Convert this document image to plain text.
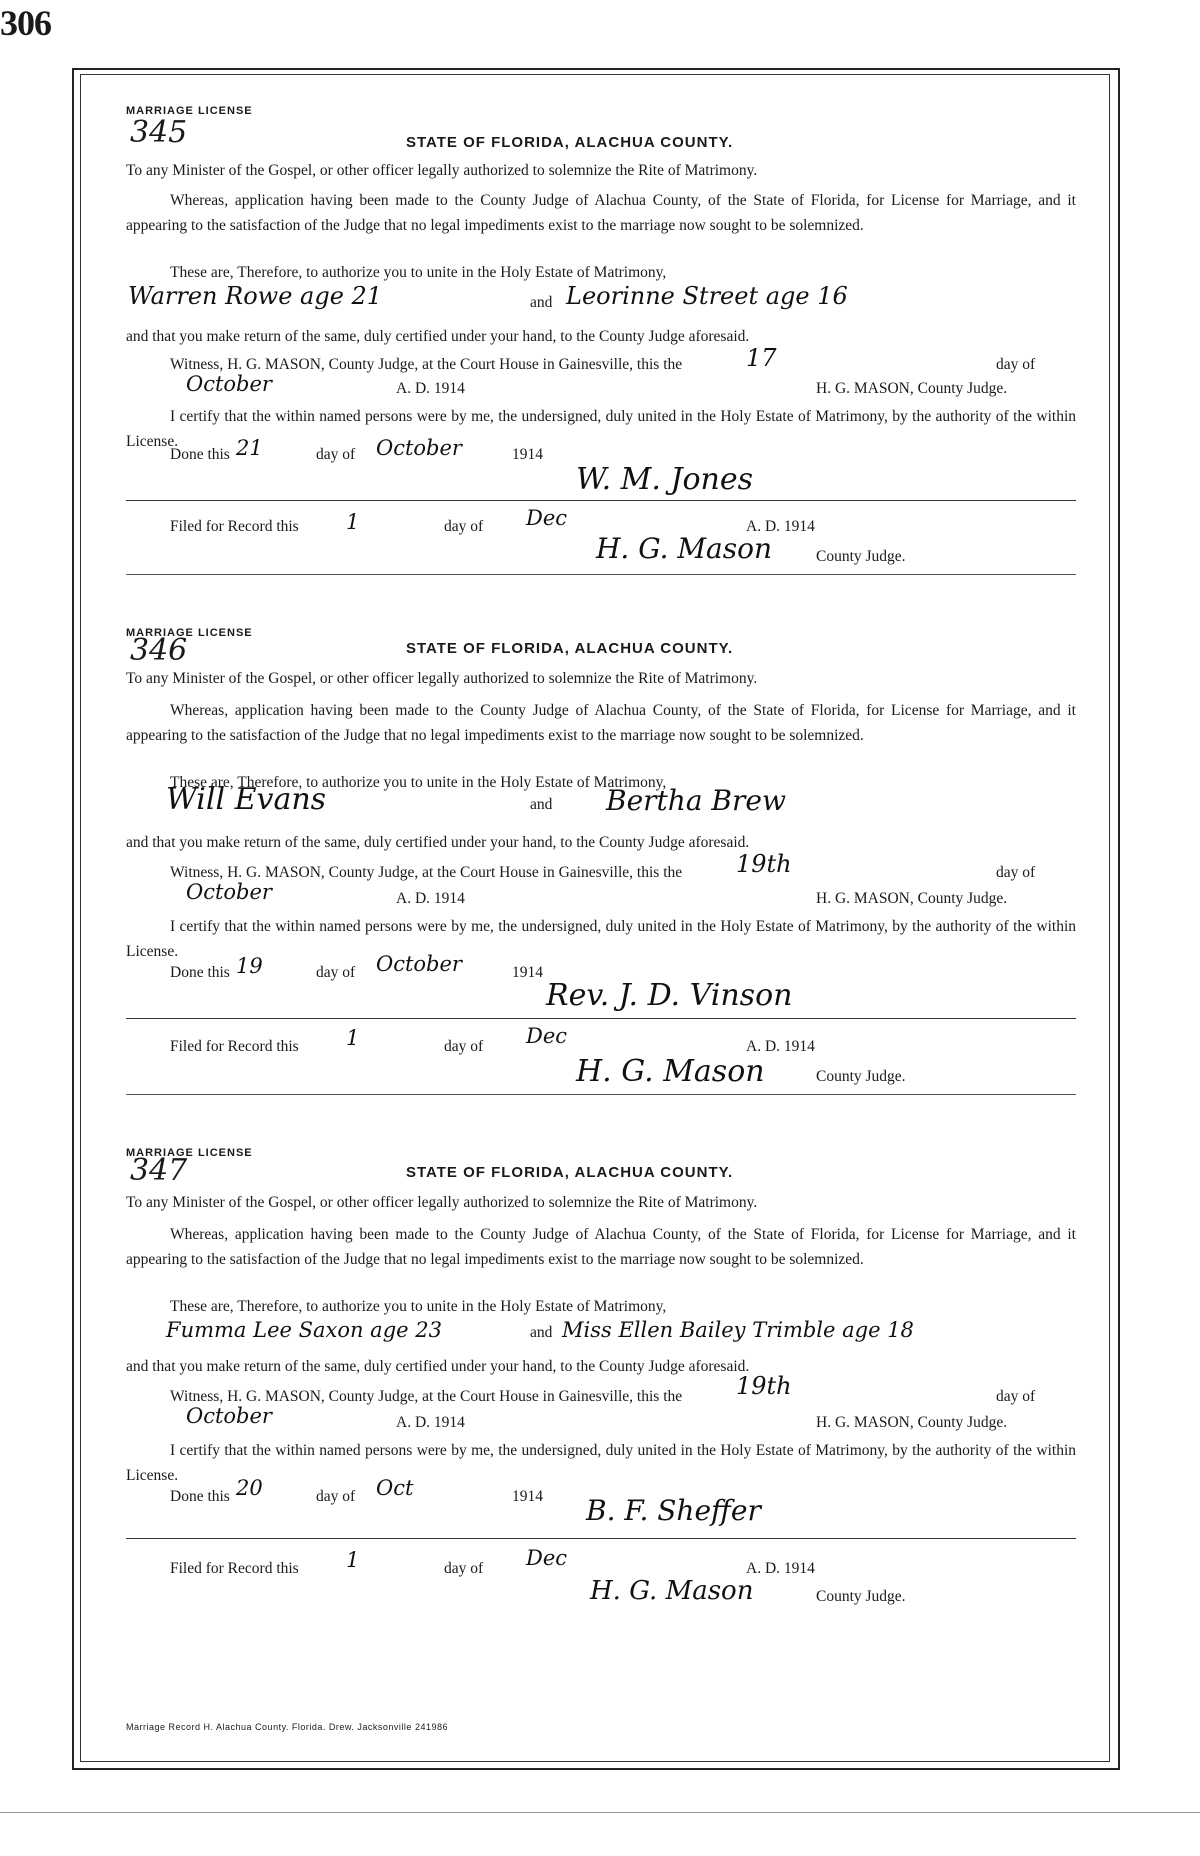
306
MARRIAGE LICENSE
345	STATE OF FLORIDA, ALACHUA COUNTY.
To any Minister of the Gospel, or other officer legally authorized to solemnize the Rite of Matrimony.
Whereas, application having been made to the County Judge of Alachua County, of the State of Florida, for License for Marriage, and it appearing to the satisfaction of the Judge that no legal impediments exist to the marriage now sought to be solemnized.
These are, Therefore, to authorize you to unite in the Holy Estate of Matrimony,
Warren Rowe age 21	and Leorinne Street age 16
and that you make return of the same, duly certified under your hand, to the County Judge aforesaid.
Witness, H. G. MASON, County Judge, at the Court House in Gainesville, this the	17	day of
October	A. D. 1914	H. G. MASON, County Judge.
I certify that the within named persons were by me, the undersigned, duly united in the Holy Estate of Matrimony, by the authority of the within License.
Done this 21	day of October	1914
W. M. Jones
Filed for Record this 1	day of Dec	A. D. 1914
H. G. Mason	County Judge.
MARRIAGE LICENSE
346	STATE OF FLORIDA, ALACHUA COUNTY.
To any Minister of the Gospel, or other officer legally authorized to solemnize the Rite of Matrimony.
Whereas, application having been made to the County Judge of Alachua County, of the State of Florida, for License for Marriage, and it appearing to the satisfaction of the Judge that no legal impediments exist to the marriage now sought to be solemnized.
These are, Therefore, to authorize you to unite in the Holy Estate of Matrimony,
Will Evans	and Bertha Brew
and that you make return of the same, duly certified under your hand, to the County Judge aforesaid.
Witness, H. G. MASON, County Judge, at the Court House in Gainesville, this the	19th	day of
October	A. D. 1914	H. G. MASON, County Judge.
I certify that the within named persons were by me, the undersigned, duly united in the Holy Estate of Matrimony, by the authority of the within License.
Done this 19	day of October	1914
Rev. J. D. Vinson
Filed for Record this 1	day of Dec	A. D. 1914
H. G. Mason	County Judge.
MARRIAGE LICENSE
347	STATE OF FLORIDA, ALACHUA COUNTY.
To any Minister of the Gospel, or other officer legally authorized to solemnize the Rite of Matrimony.
Whereas, application having been made to the County Judge of Alachua County, of the State of Florida, for License for Marriage, and it appearing to the satisfaction of the Judge that no legal impediments exist to the marriage now sought to be solemnized.
These are, Therefore, to authorize you to unite in the Holy Estate of Matrimony,
Fumma Lee Saxon age 23	and Miss Ellen Bailey Trimble age 18
and that you make return of the same, duly certified under your hand, to the County Judge aforesaid.
Witness, H. G. MASON, County Judge, at the Court House in Gainesville, this the	19th	day of
October	A. D. 1914	H. G. MASON, County Judge.
I certify that the within named persons were by me, the undersigned, duly united in the Holy Estate of Matrimony, by the authority of the within License.
Done this 20	day of Oct	1914 B. F. Sheffer
Filed for Record this 1	day of Dec	A. D. 1914
H. G. Mason	County Judge.
Marriage Record H. Alachua County. Florida. Drew. Jacksonville 241986
